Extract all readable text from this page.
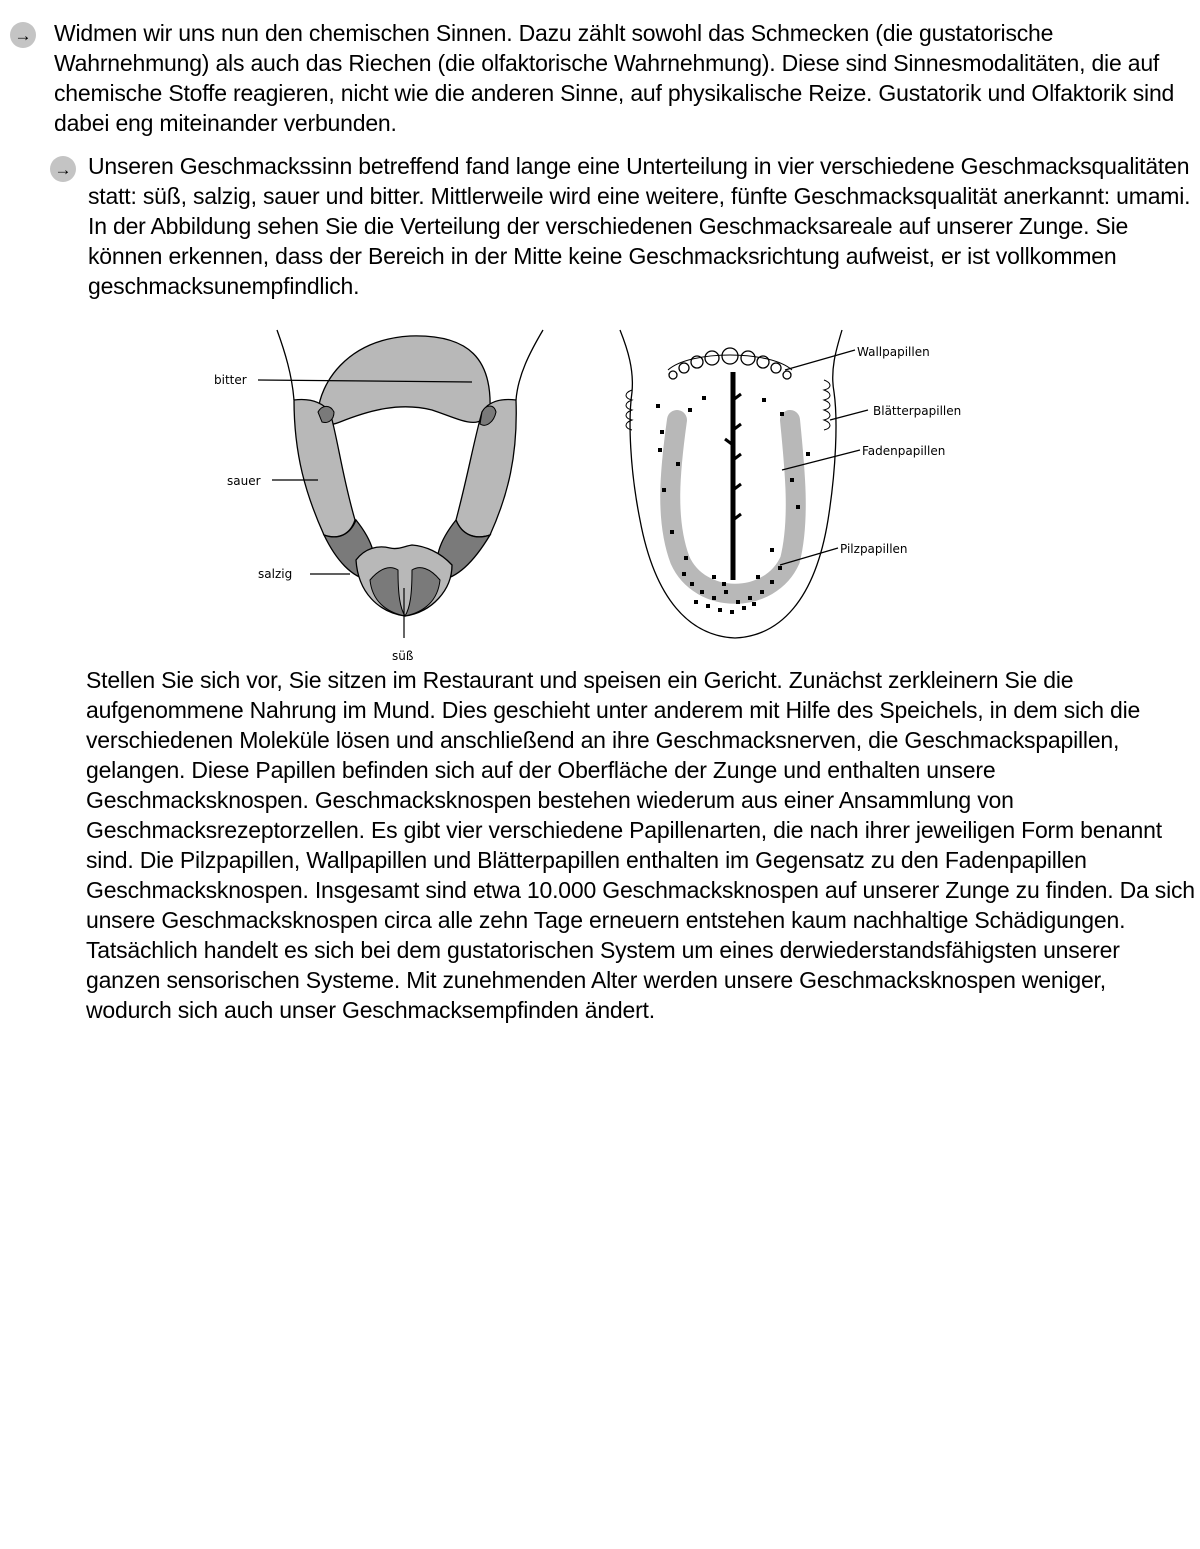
→ Widmen wir uns nun den chemischen Sinnen. Dazu zählt sowohl das Schmecken (die gustatorische Wahrnehmung) als auch das Riechen (die olfaktorische Wahrnehmung). Diese sind Sinnesmodalitäten, die auf chemische Stoffe reagieren, nicht wie die anderen Sinne, auf physikalische Reize. Gustatorik und Olfaktorik sind dabei eng miteinander verbunden.
→ Unseren Geschmackssinn betreffend fand lange eine Unterteilung in vier verschiedene Geschmacksqualitäten statt: süß, salzig, sauer und bitter. Mittlerweile wird eine weitere, fünfte Geschmacksqualität anerkannt: umami. In der Abbildung sehen Sie die Verteilung der verschiedenen Geschmacksareale auf unserer Zunge. Sie können erkennen, dass der Bereich in der Mitte keine Geschmacksrichtung aufweist, er ist vollkommen geschmacksunempfindlich.
bitter
sauer
salzig
süß
Wallpapillen
Blätterpapillen
Fadenpapillen
Pilzpapillen
Stellen Sie sich vor, Sie sitzen im Restaurant und speisen ein Gericht. Zunächst zerkleinern Sie die aufgenommene Nahrung im Mund. Dies geschieht unter anderem mit Hilfe des Speichels, in dem sich die verschiedenen Moleküle lösen und anschließend an ihre Geschmacksnerven, die Geschmackspapillen, gelangen. Diese Papillen befinden sich auf der Oberfläche der Zunge und enthalten unsere Geschmacksknospen. Geschmacksknospen bestehen wiederum aus einer Ansammlung von Geschmacksrezeptorzellen. Es gibt vier verschiedene Papillenarten, die nach ihrer jeweiligen Form benannt sind. Die Pilzpapillen, Wallpapillen und Blätterpapillen enthalten im Gegensatz zu den Fadenpapillen Geschmacksknospen. Insgesamt sind etwa 10.000 Geschmacksknospen auf unserer Zunge zu finden. Da sich unsere Geschmacksknospen circa alle zehn Tage erneuern entstehen kaum nachhaltige Schädigungen. Tatsächlich handelt es sich bei dem gustatorischen System um eines derwiederstandsfähigsten unserer ganzen sensorischen Systeme. Mit zunehmenden Alter werden unsere Geschmacksknospen weniger, wodurch sich auch unser Geschmacksempfinden ändert.
